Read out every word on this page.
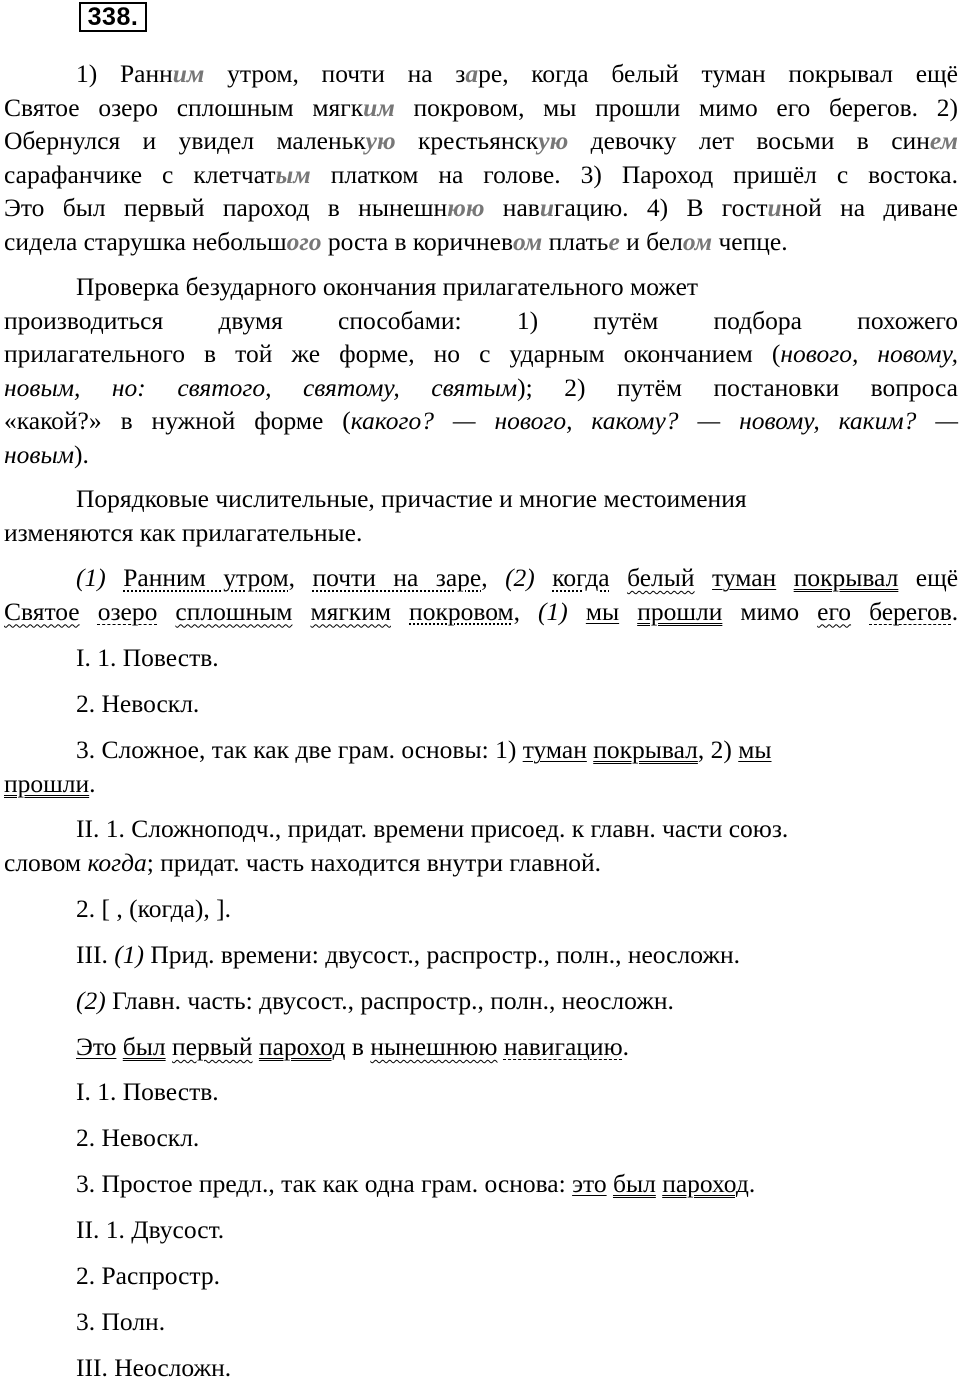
338.
1) Ранним утром, почти на заре, когда белый туман покрывал ещё
Святое озеро сплошным мягким покровом, мы прошли мимо его берегов. 2)
Обернулся и увидел маленькую крестьянскую девочку лет восьми в синем
сарафанчике с клетчатым платком на голове. 3) Пароход пришёл с востока.
Это был первый пароход в нынешнюю навигацию. 4) В гостиной на диване
сидела старушка небольшого роста в коричневом платье и белом чепце.
Проверка безударного окончания прилагательного может
производиться двумя способами: 1) путём подбора похожего
прилагательного в той же форме, но с ударным окончанием (нового, новому,
новым, но: святого, святому, святым); 2) путём постановки вопроса
«какой?» в нужной форме (какого? — нового, какому? — новому, каким? —
новым).
Порядковые числительные, причастие и многие местоимения
изменяются как прилагательные.
(1) Ранним утром, почти на заре, (2) когда белый туман покрывал ещё
Святое озеро сплошным мягким покровом, (1) мы прошли мимо его берегов.
I. 1. Повеств.
2. Невоскл.
3. Сложное, так как две грам. основы: 1) туман покрывал, 2) мы
прошли.
II. 1. Сложноподч., придат. времени присоед. к главн. части союз.
словом когда; придат. часть находится внутри главной.
2. [ , (когда), ].
III. (1) Прид. времени: двусост., распростр., полн., неосложн.
(2) Главн. часть: двусост., распростр., полн., неосложн.
Это был первый пароход в нынешнюю навигацию.
I. 1. Повеств.
2. Невоскл.
3. Простое предл., так как одна грам. основа: это был пароход.
II. 1. Двусост.
2. Распростр.
3. Полн.
III. Неосложн.
